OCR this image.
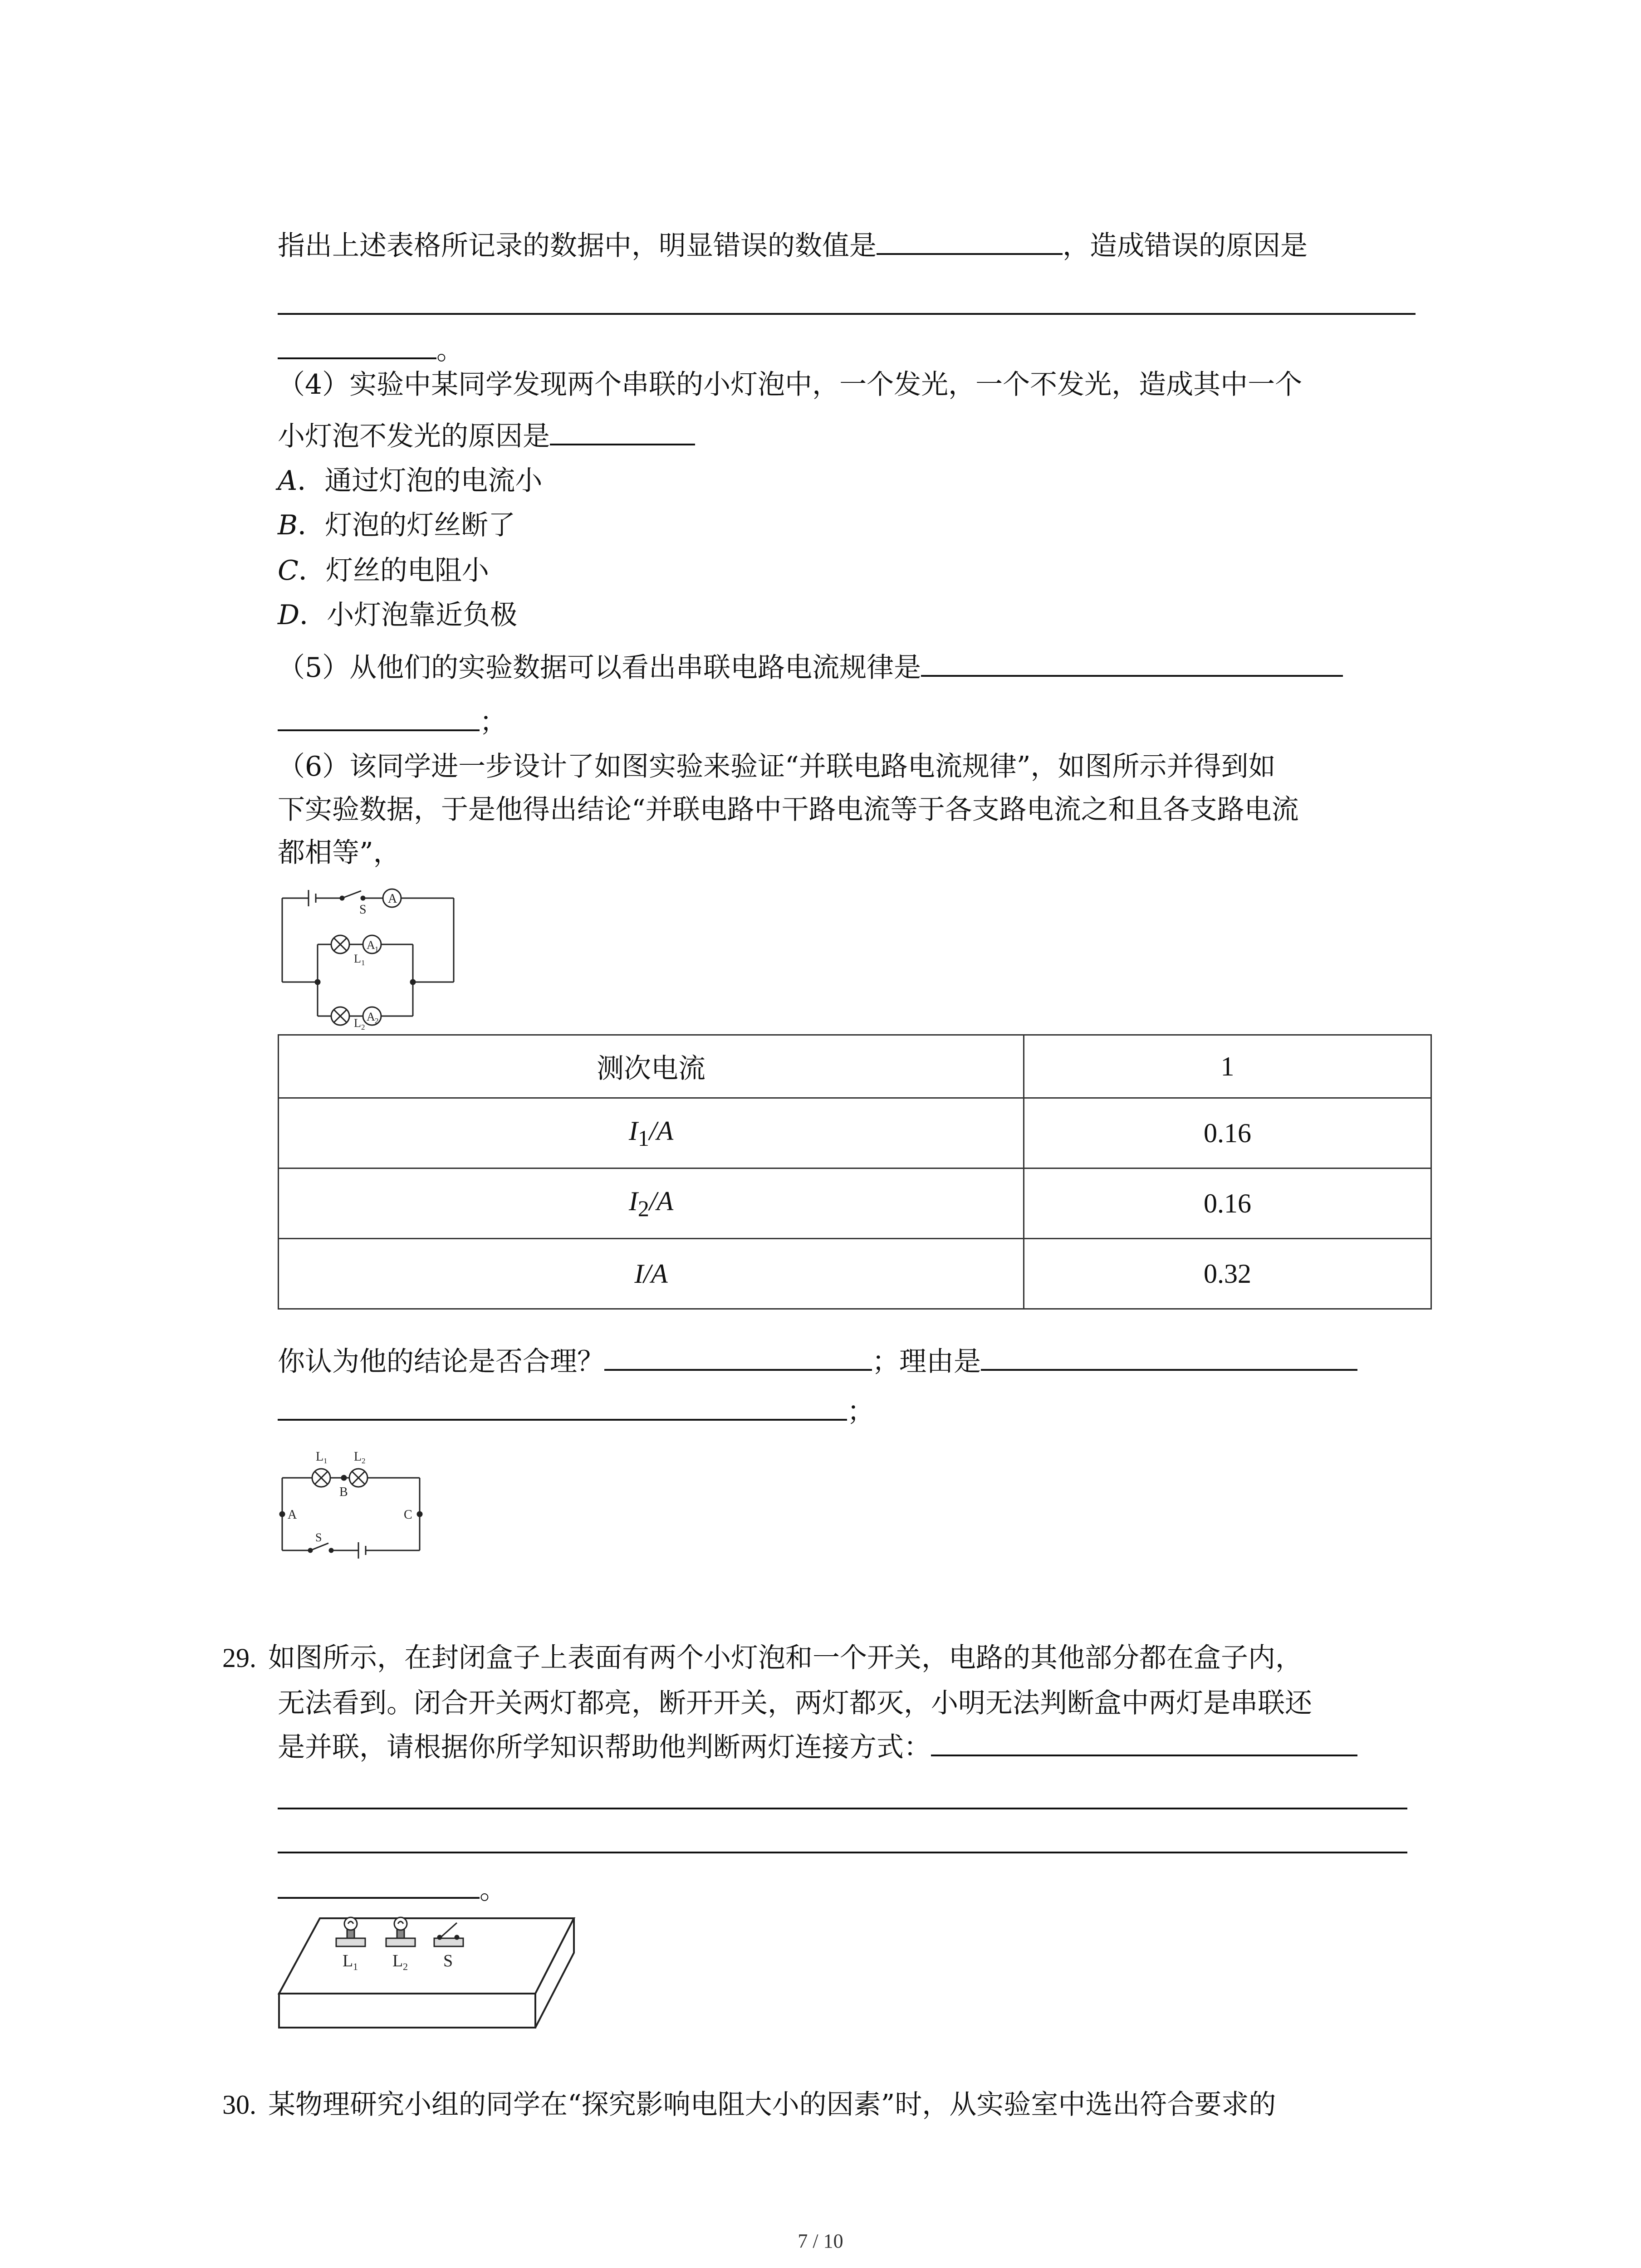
指出上述表格所记录的数据中，明显错误的数值是	，造成错误的原因是
。
（4）实验中某同学发现两个串联的小灯泡中，一个发光，一个不发光，造成其中一个
小灯泡不发光的原因是
A．通过灯泡的电流小
B．灯泡的灯丝断了
C．灯丝的电阻小
D．小灯泡靠近负极
（5）从他们的实验数据可以看出串联电路电流规律是
；
（6）该同学进一步设计了如图实验来验证“并联电路电流规律”，如图所示并得到如
下实验数据，于是他得出结论“并联电路中干路电流等于各支路电流之和且各支路电流
都相等”，
S
A
A 1
A 2
L 1
L 2
测次电流	1
$I_1/A$	0.16
$I_2/A$	0.16
I/A	0.32
你认为他的结论是否合理？	；理由是
；
L 1 L 2
B
A	C
S
29. 如图所示，在封闭盒子上表面有两个小灯泡和一个开关，电路的其他部分都在盒子内，
无法看到。闭合开关两灯都亮，断开开关，两灯都灭，小明无法判断盒中两灯是串联还
是并联，请根据你所学知识帮助他判断两灯连接方式：
。
L 1 L 2 S
30. 某物理研究小组的同学在“探究影响电阻大小的因素”时，从实验室中选出符合要求的
7 / 10
